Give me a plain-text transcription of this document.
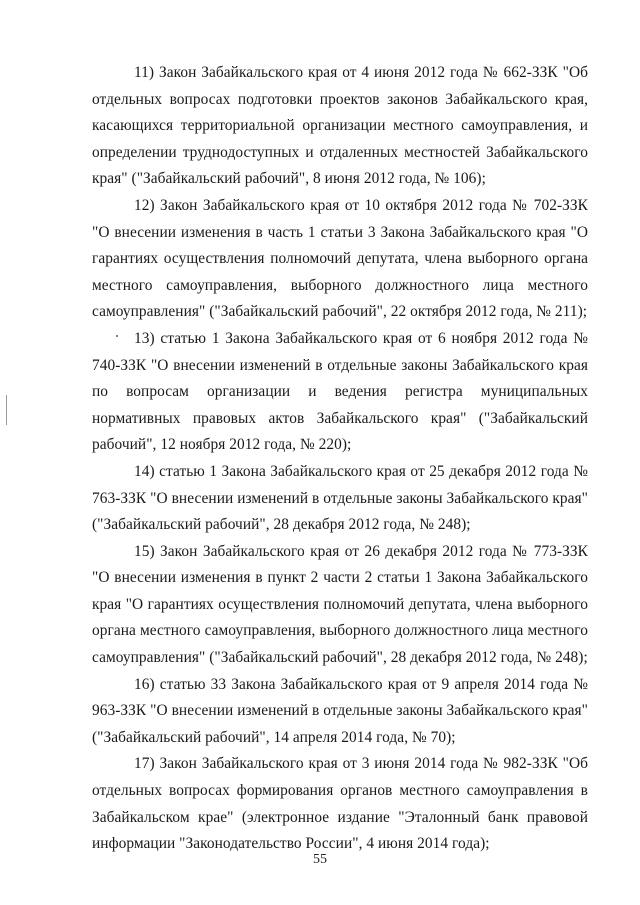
11) Закон Забайкальского края от 4 июня 2012 года № 662-ЗЗК "Об отдельных вопросах подготовки проектов законов Забайкальского края, касающихся территориальной организации местного самоуправления, и определении труднодоступных и отдаленных местностей Забайкальского края" ("Забайкальский рабочий", 8 июня 2012 года, № 106);

12) Закон Забайкальского края от 10 октября 2012 года № 702-ЗЗК "О внесении изменения в часть 1 статьи 3 Закона Забайкальского края "О гарантиях осуществления полномочий депутата, члена выборного органа местного самоуправления, выборного должностного лица местного самоуправления" ("Забайкальский рабочий", 22 октября 2012 года, № 211);

13) статью 1 Закона Забайкальского края от 6 ноября 2012 года № 740-ЗЗК "О внесении изменений в отдельные законы Забайкальского края по вопросам организации и ведения регистра муниципальных нормативных правовых актов Забайкальского края" ("Забайкальский рабочий", 12 ноября 2012 года, № 220);

14) статью 1 Закона Забайкальского края от 25 декабря 2012 года № 763-ЗЗК "О внесении изменений в отдельные законы Забайкальского края" ("Забайкальский рабочий", 28 декабря 2012 года, № 248);

15) Закон Забайкальского края от 26 декабря 2012 года № 773-ЗЗК "О внесении изменения в пункт 2 части 2 статьи 1 Закона Забайкальского края "О гарантиях осуществления полномочий депутата, члена выборного органа местного самоуправления, выборного должностного лица местного самоуправления" ("Забайкальский рабочий", 28 декабря 2012 года, № 248);

16) статью 33 Закона Забайкальского края от 9 апреля 2014 года № 963-ЗЗК "О внесении изменений в отдельные законы Забайкальского края" ("Забайкальский рабочий", 14 апреля 2014 года, № 70);

17) Закон Забайкальского края от 3 июня 2014 года № 982-ЗЗК "Об отдельных вопросах формирования органов местного самоуправления в Забайкальском крае" (электронное издание "Эталонный банк правовой информации "Законодательство России", 4 июня 2014 года);

55
